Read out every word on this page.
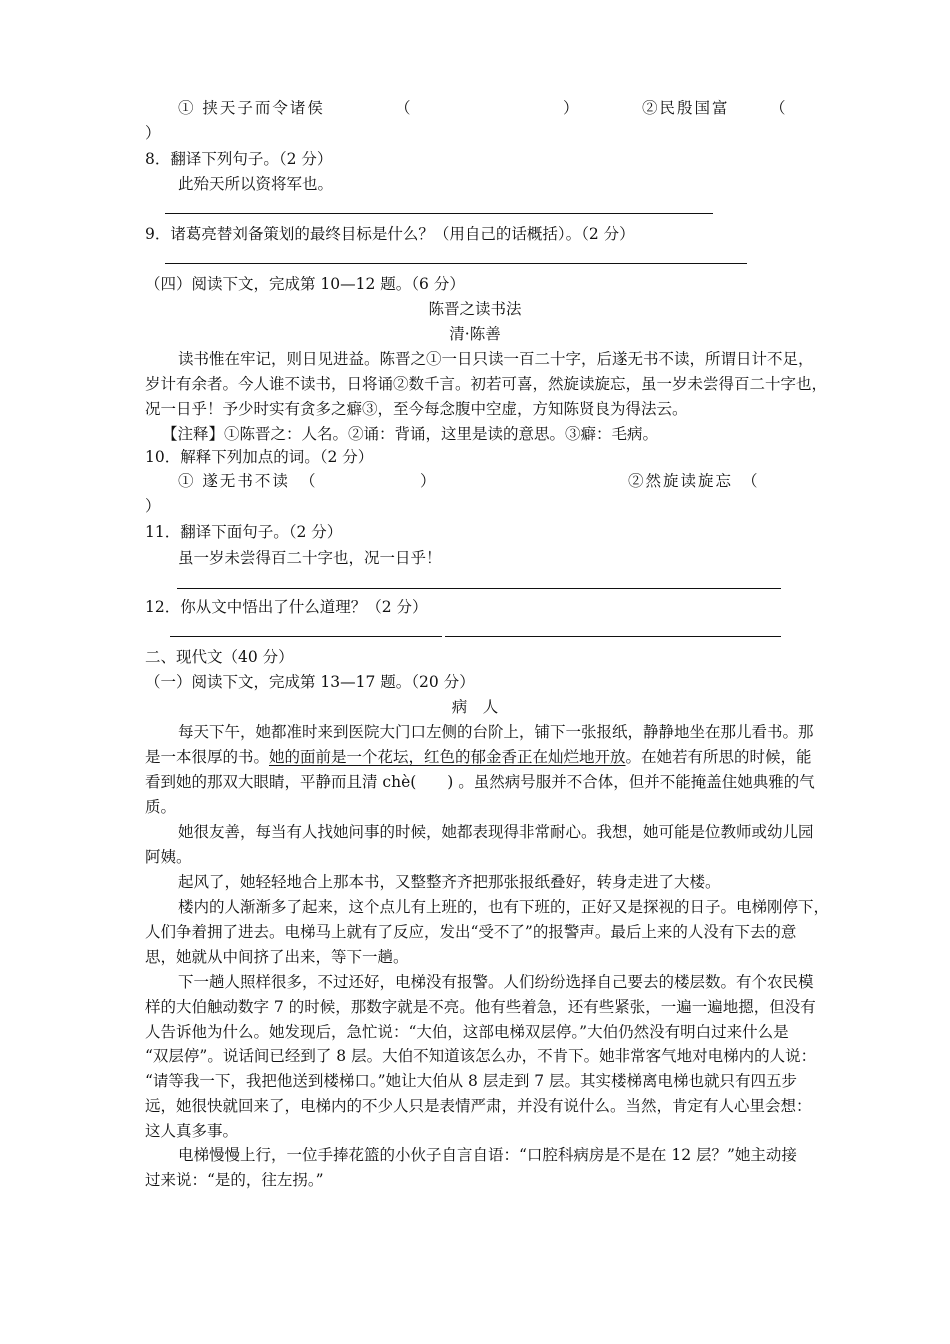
① 挟天子而令诸侯	（	）	②民殷国富	（
）
8．翻译下列句子。（2 分）
此殆天所以资将军也。
9．诸葛亮替刘备策划的最终目标是什么？（用自己的话概括）。（2 分）
（四）阅读下文，完成第 10—12 题。（6 分）
陈晋之读书法
清·陈善
读书惟在牢记，则日见进益。陈晋之①一日只读一百二十字，后遂无书不读，所谓日计不足，
岁计有余者。今人谁不读书，日将诵②数千言。初若可喜，然旋读旋忘，虽一岁未尝得百二十字也，
况一日乎！予少时实有贪多之癖③，至今每念腹中空虚，方知陈贤良为得法云。
【注释】①陈晋之：人名。②诵：背诵，这里是读的意思。③癖：毛病。
10．解释下列加点的词。（2 分）
① 遂无书不读 （	）	②然旋读旋忘 （
）
11．翻译下面句子。（2 分）
虽一岁未尝得百二十字也，况一日乎！
12．你从文中悟出了什么道理？（2 分）
二、现代文（40 分）
（一）阅读下文，完成第 13—17 题。（20 分）
病　人
每天下午，她都准时来到医院大门口左侧的台阶上，铺下一张报纸，静静地坐在那儿看书。那
是一本很厚的书。她的面前是一个花坛，红色的郁金香正在灿烂地开放。在她若有所思的时候，能
看到她的那双大眼睛，平静而且清 chè(　　) 。虽然病号服并不合体，但并不能掩盖住她典雅的气
质。
她很友善，每当有人找她问事的时候，她都表现得非常耐心。我想，她可能是位教师或幼儿园
阿姨。
起风了，她轻轻地合上那本书，又整整齐齐把那张报纸叠好，转身走进了大楼。
楼内的人渐渐多了起来，这个点儿有上班的，也有下班的，正好又是探视的日子。电梯刚停下，
人们争着拥了进去。电梯马上就有了反应，发出“受不了”的报警声。最后上来的人没有下去的意
思，她就从中间挤了出来，等下一趟。
下一趟人照样很多，不过还好，电梯没有报警。人们纷纷选择自己要去的楼层数。有个农民模
样的大伯触动数字 7 的时候，那数字就是不亮。他有些着急，还有些紧张，一遍一遍地摁，但没有
人告诉他为什么。她发现后，急忙说：“大伯，这部电梯双层停。”大伯仍然没有明白过来什么是
“双层停”。说话间已经到了 8 层。大伯不知道该怎么办，不肯下。她非常客气地对电梯内的人说：
“请等我一下，我把他送到楼梯口。”她让大伯从 8 层走到 7 层。其实楼梯离电梯也就只有四五步
远，她很快就回来了，电梯内的不少人只是表情严肃，并没有说什么。当然，肯定有人心里会想：
这人真多事。
电梯慢慢上行，一位手捧花篮的小伙子自言自语：“口腔科病房是不是在 12 层？”她主动接
过来说：“是的，往左拐。”
